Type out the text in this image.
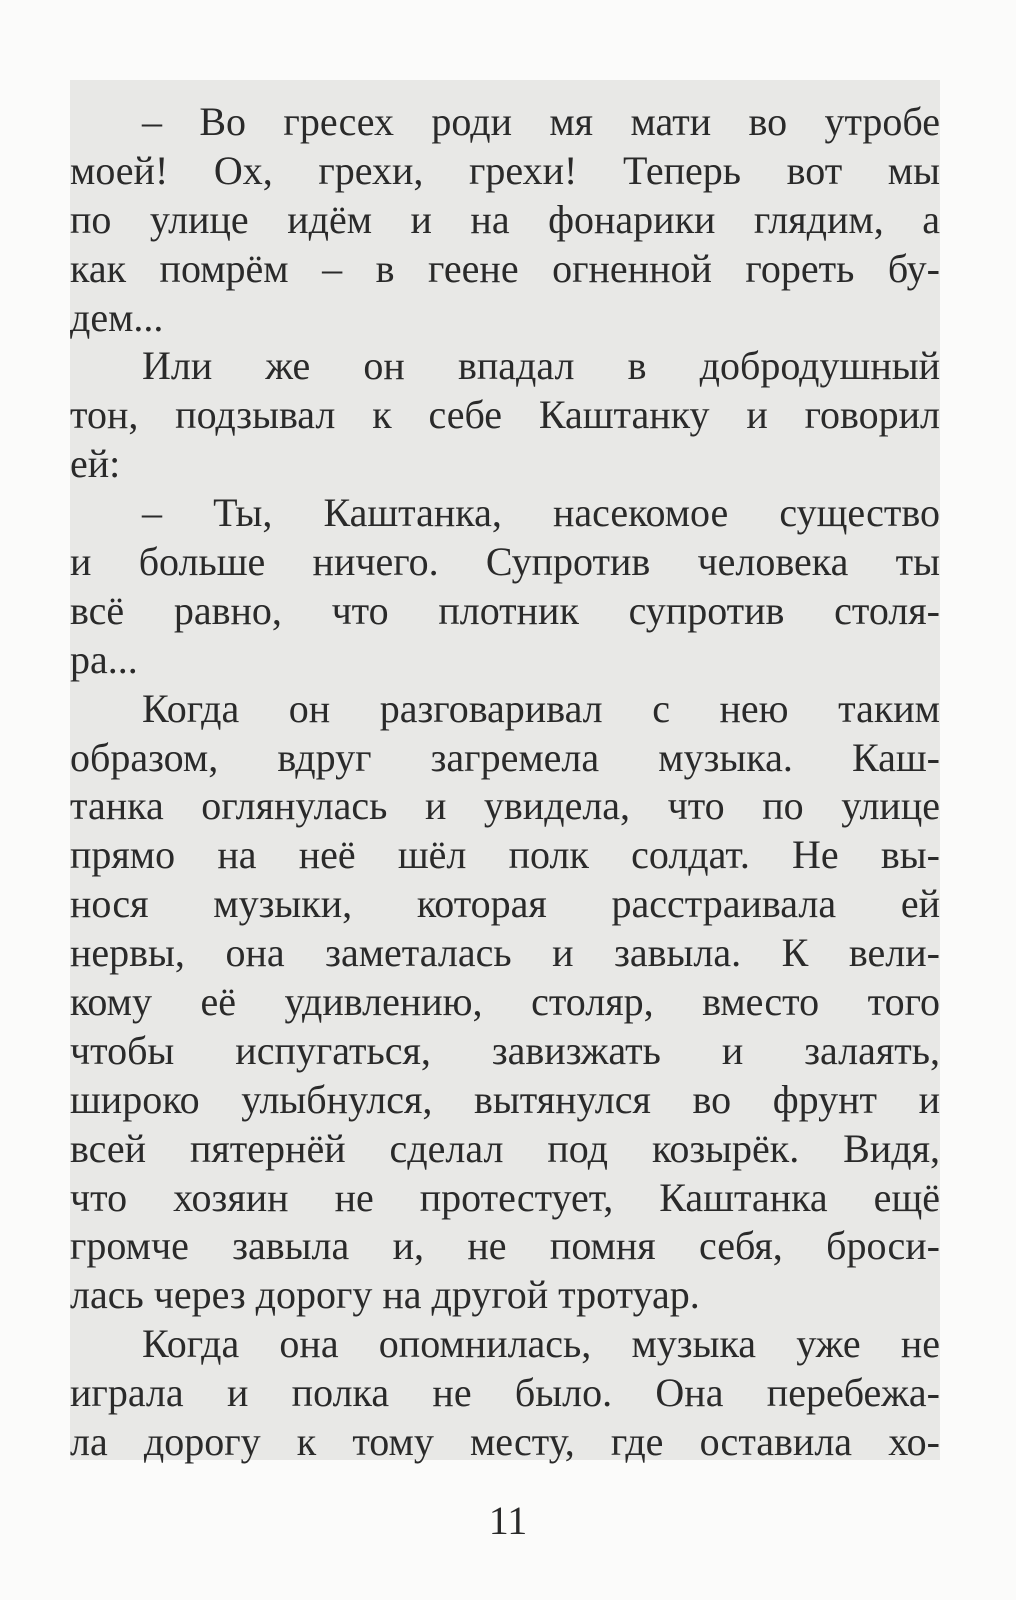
– Во гресех роди мя мати во утробе
моей! Ох, грехи, грехи! Теперь вот мы
по улице идём и на фонарики глядим, а
как помрём – в геене огненной гореть бу-
дем...
Или же он впадал в добродушный
тон, подзывал к себе Каштанку и говорил
ей:
– Ты, Каштанка, насекомое существо
и больше ничего. Супротив человека ты
всё равно, что плотник супротив столя-
ра...
Когда он разговаривал с нею таким
образом, вдруг загремела музыка. Каш-
танка оглянулась и увидела, что по улице
прямо на неё шёл полк солдат. Не вы-
нося музыки, которая расстраивала ей
нервы, она заметалась и завыла. К вели-
кому её удивлению, столяр, вместо того
чтобы испугаться, завизжать и залаять,
широко улыбнулся, вытянулся во фрунт и
всей пятернёй сделал под козырёк. Видя,
что хозяин не протестует, Каштанка ещё
громче завыла и, не помня себя, броси-
лась через дорогу на другой тротуар.
Когда она опомнилась, музыка уже не
играла и полка не было. Она перебежа-
ла дорогу к тому месту, где оставила хо-
11
